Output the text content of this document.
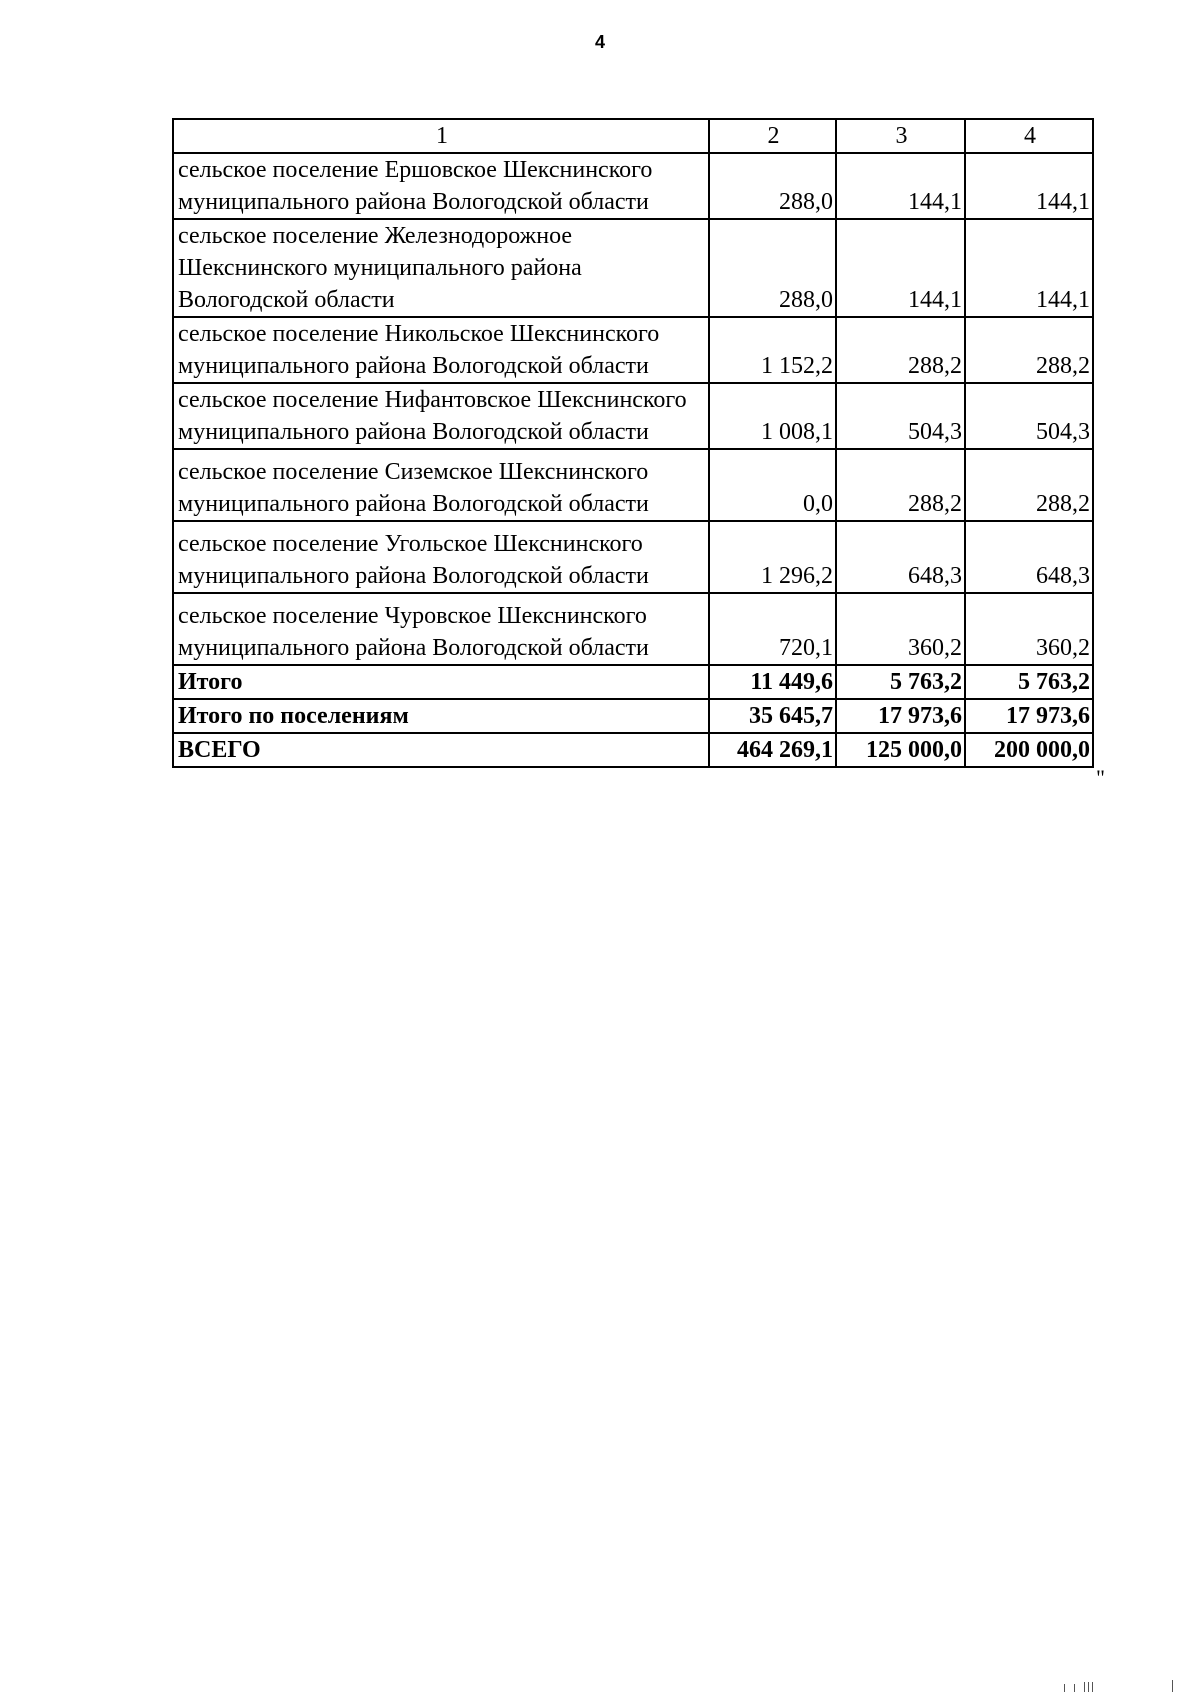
4
1	2	3	4
сельское поселение Ершовское Шекснинского муниципального района Вологодской области	288,0	144,1	144,1
сельское поселение Железнодорожное Шекснинского муниципального района Вологодской области	288,0	144,1	144,1
сельское поселение Никольское Шекснинского муниципального района Вологодской области	1 152,2	288,2	288,2
сельское поселение Нифантовское Шекснинского муниципального района Вологодской области	1 008,1	504,3	504,3
сельское поселение Сиземское Шекснинского муниципального района Вологодской области	0,0	288,2	288,2
сельское поселение Угольское Шекснинского муниципального района Вологодской области	1 296,2	648,3	648,3
сельское поселение Чуровское Шекснинского муниципального района Вологодской области	720,1	360,2	360,2
Итого	11 449,6	5 763,2	5 763,2
Итого по поселениям	35 645,7	17 973,6	17 973,6
ВСЕГО	464 269,1	125 000,0	200 000,0
"
